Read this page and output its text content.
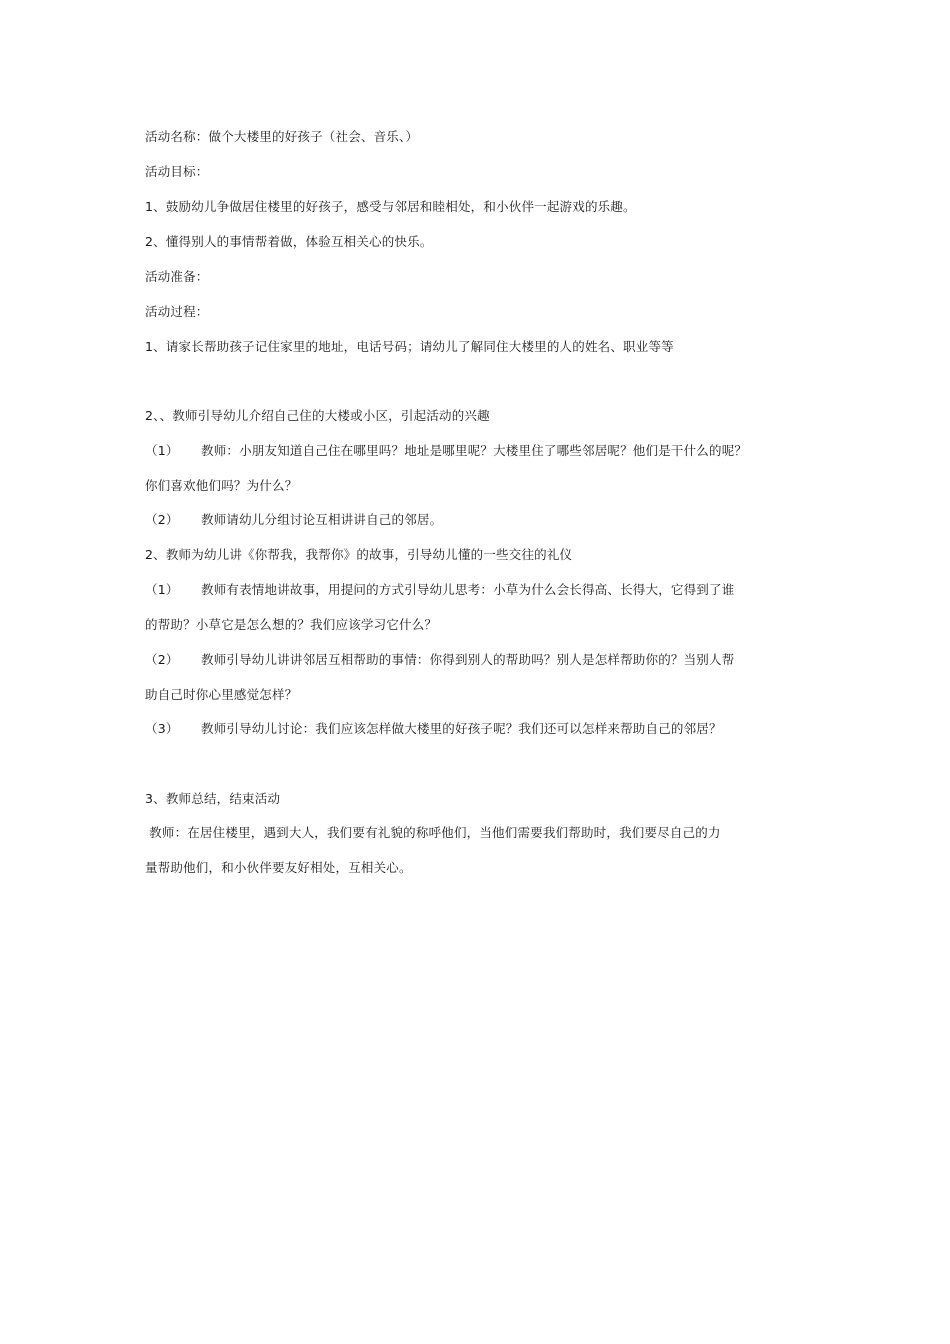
活动名称：做个大楼里的好孩子（社会、音乐、）
活动目标：
1、鼓励幼儿争做居住楼里的好孩子，感受与邻居和睦相处，和小伙伴一起游戏的乐趣。
2、懂得别人的事情帮着做，体验互相关心的快乐。
活动准备：
活动过程：
1、请家长帮助孩子记住家里的地址，电话号码；请幼儿了解同住大楼里的人的姓名、职业等等
2、、教师引导幼儿介绍自己住的大楼或小区，引起活动的兴趣
（1） 教师：小朋友知道自己住在哪里吗？地址是哪里呢？大楼里住了哪些邻居呢？他们是干什么的呢？
你们喜欢他们吗？为什么？
（2） 教师请幼儿分组讨论互相讲讲自己的邻居。
2、教师为幼儿讲《你帮我，我帮你》的故事，引导幼儿懂的一些交往的礼仪
（1） 教师有表情地讲故事，用提问的方式引导幼儿思考：小草为什么会长得高、长得大，它得到了谁
的帮助？小草它是怎么想的？我们应该学习它什么？
（2） 教师引导幼儿讲讲邻居互相帮助的事情：你得到别人的帮助吗？别人是怎样帮助你的？当别人帮
助自己时你心里感觉怎样？
（3） 教师引导幼儿讨论：我们应该怎样做大楼里的好孩子呢？我们还可以怎样来帮助自己的邻居？
3、教师总结，结束活动
教师：在居住楼里，遇到大人，我们要有礼貌的称呼他们，当他们需要我们帮助时，我们要尽自己的力
量帮助他们，和小伙伴要友好相处，互相关心。
